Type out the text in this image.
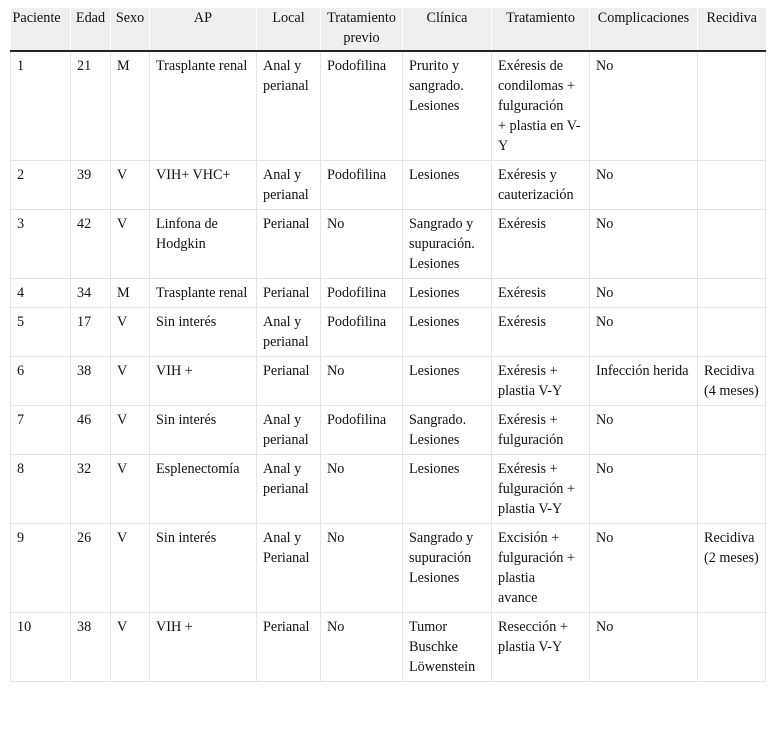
Paciente	Edad	Sexo	AP	Local	Tratamiento previo	Clínica	Tratamiento	Complicaciones	Recidiva
1	21	M	Trasplante renal	Anal y perianal	Podofilina	Prurito y sangrado. Lesiones	Exéresis de condilomas +
fulguración
+ plastia en V-Y	No	
2	39	V	VIH+ VHC+	Anal y perianal	Podofilina	Lesiones	Exéresis y cauterización	No	
3	42	V	Linfona de Hodgkin	Perianal	No	Sangrado y supuración. Lesiones	Exéresis	No	
4	34	M	Trasplante renal	Perianal	Podofilina	Lesiones	Exéresis	No	
5	17	V	Sin interés	Anal y perianal	Podofilina	Lesiones	Exéresis	No	
6	38	V	VIH +	Perianal	No	Lesiones	Exéresis + plastia V-Y	Infección herida	Recidiva (4 meses)
7	46	V	Sin interés	Anal y perianal	Podofilina	Sangrado. Lesiones	Exéresis + fulguración	No	
8	32	V	Esplenectomía	Anal y perianal	No	Lesiones	Exéresis +
fulguración +
plastia V-Y	No	
9	26	V	Sin interés	Anal y Perianal	No	Sangrado y supuración Lesiones	Excisión +
fulguración +
plastia
avance	No	Recidiva (2 meses)
10	38	V	VIH +	Perianal	No	Tumor Buschke Löwenstein	Resección + plastia V-Y	No	
